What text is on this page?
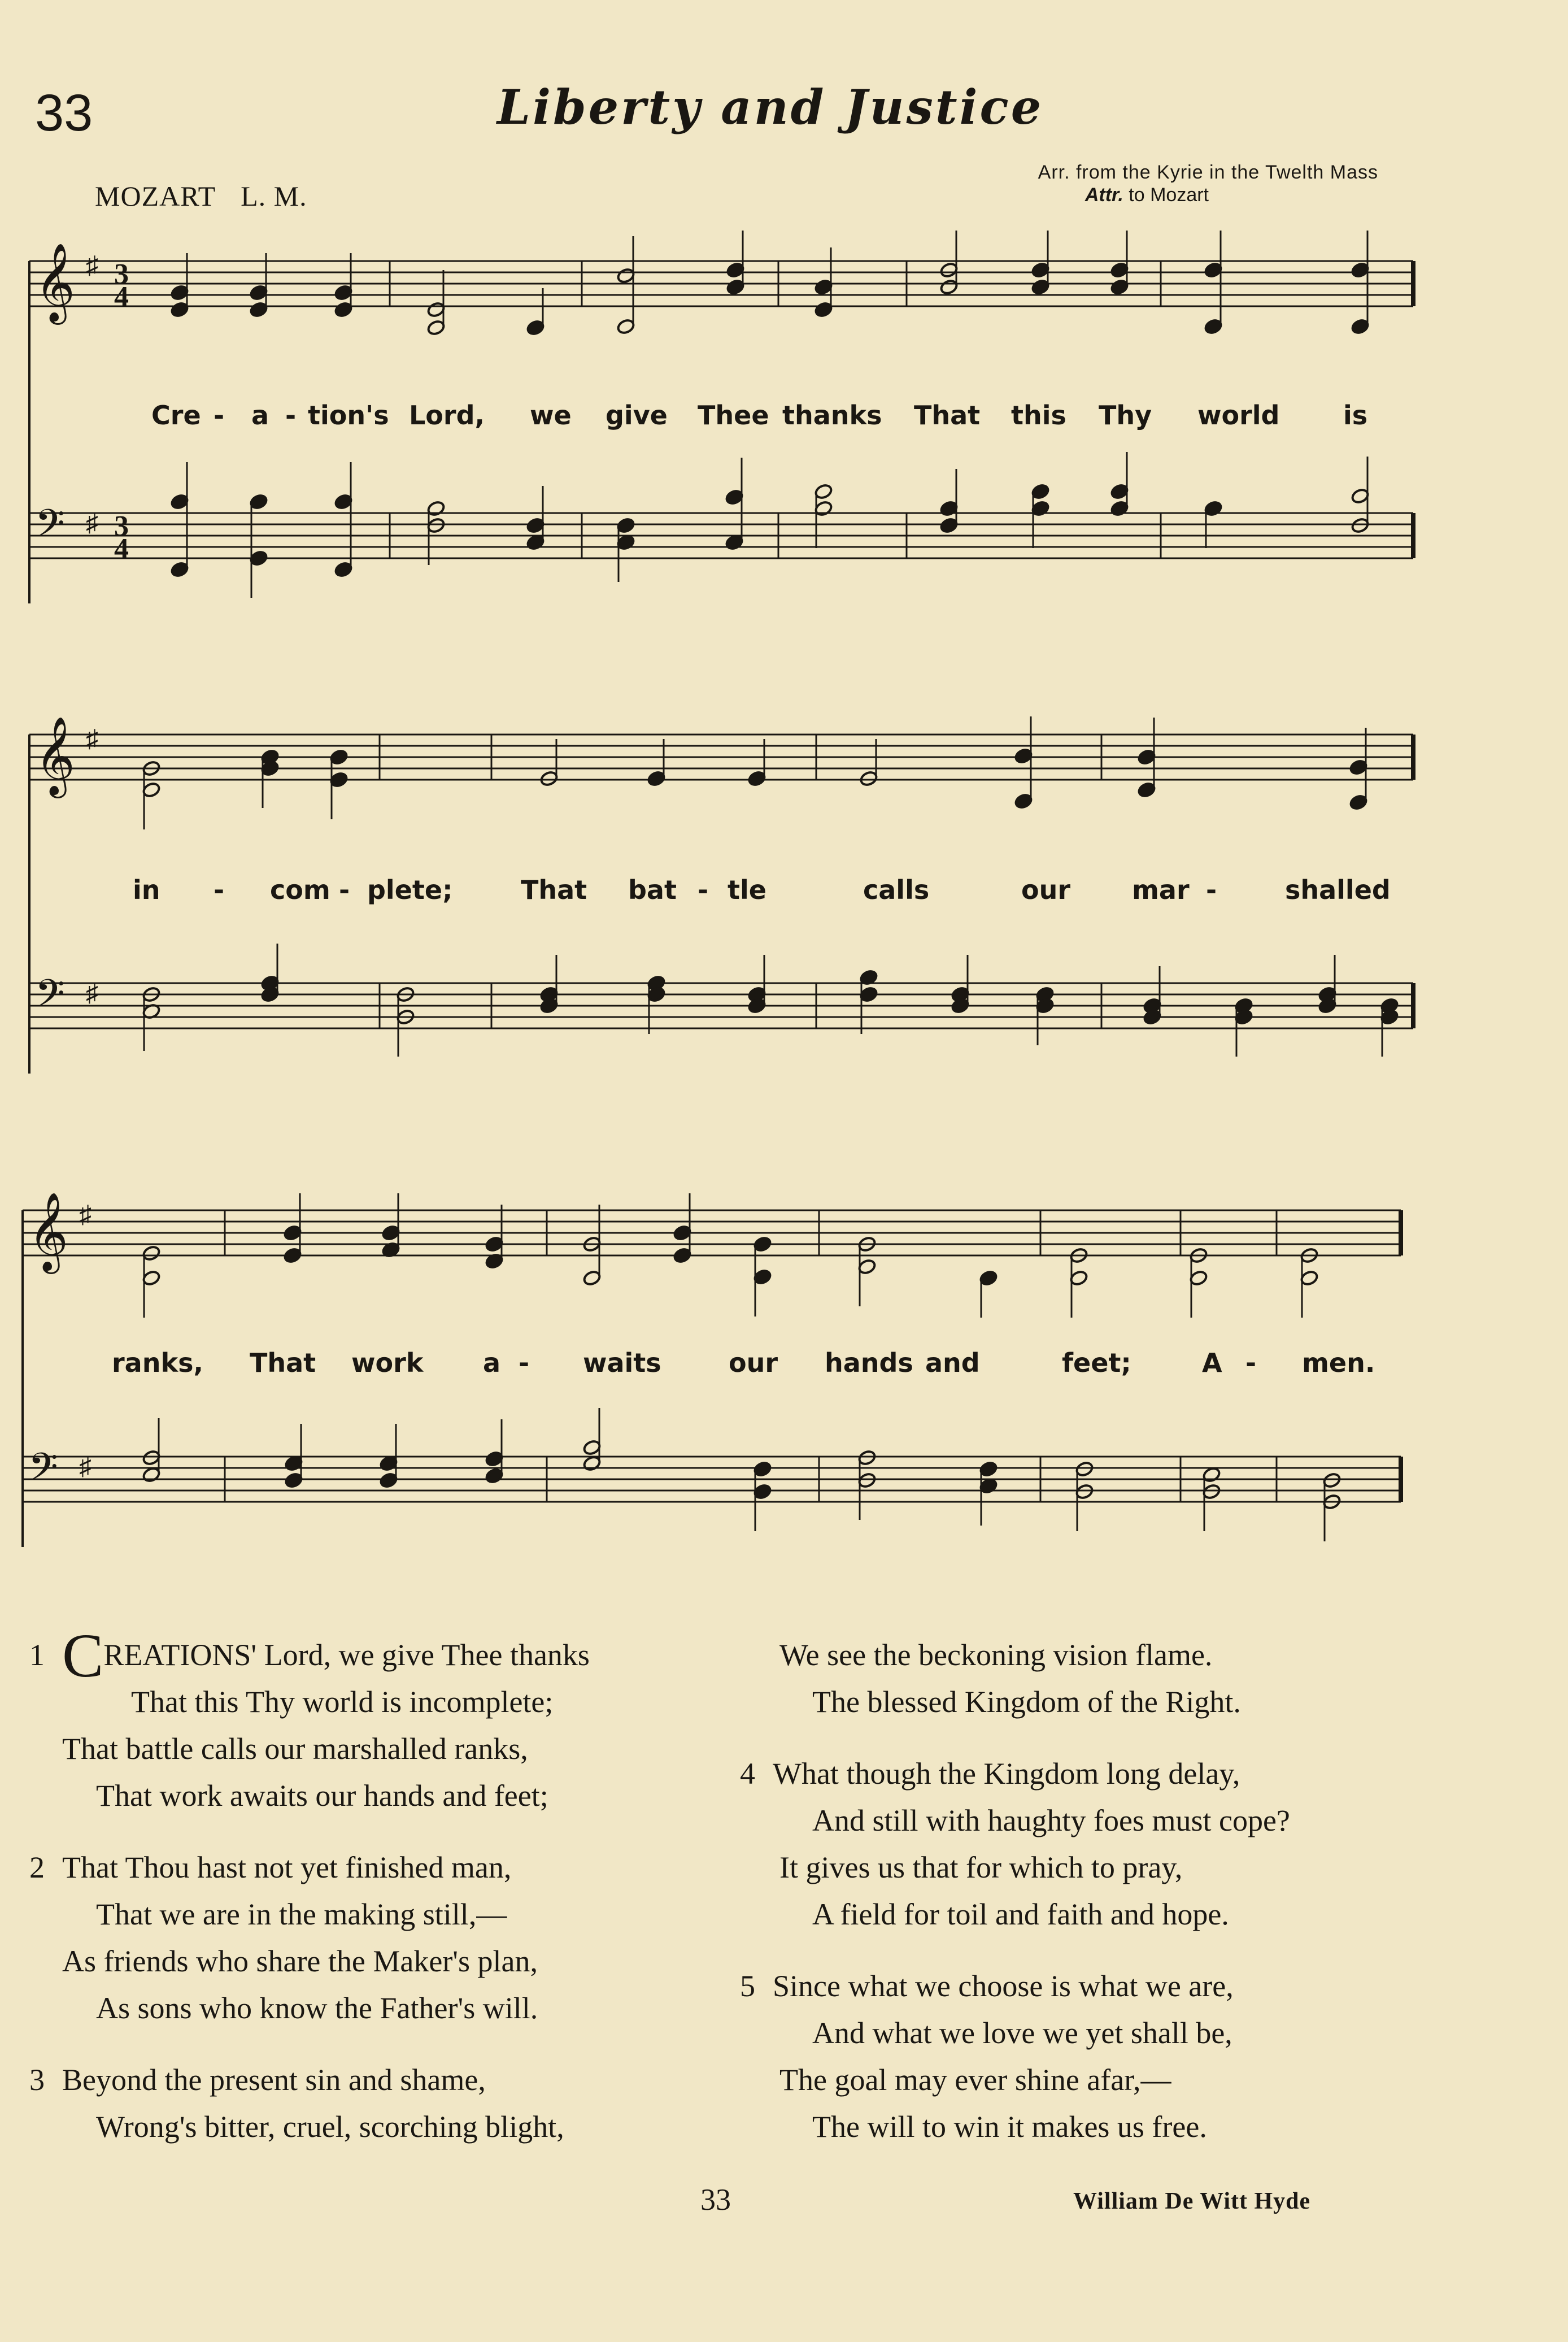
33	Liberty and Justice
MOZART L. M.
Arr. from the Kyrie in the Twelth Mass
Attr. to Mozart
𝄞 ♯ 3
4
𝄢 ♯ 3
4
𝄞 ♯
𝄢 ♯
𝄞 ♯
𝄢 ♯
Cre - a - tion's Lord, we give Thee thanks That this Thy world is
in - com - plete;	That bat - tle	calls	our mar -	shalled
ranks, That work a - waits	our hands and	feet;	A - men.
1 CREATIONS' Lord, we give Thee thanks
That this Thy world is incomplete;
That battle calls our marshalled ranks,
That work awaits our hands and feet;
2 That Thou hast not yet finished man,
That we are in the making still,—
As friends who share the Maker's plan,
As sons who know the Father's will.
3 Beyond the present sin and shame,
Wrong's bitter, cruel, scorching blight,
We see the beckoning vision flame.
The blessed Kingdom of the Right.
4 What though the Kingdom long delay,
And still with haughty foes must cope?
It gives us that for which to pray,
A field for toil and faith and hope.
5 Since what we choose is what we are,
And what we love we yet shall be,
The goal may ever shine afar,—
The will to win it makes us free.
33	William De Witt Hyde
